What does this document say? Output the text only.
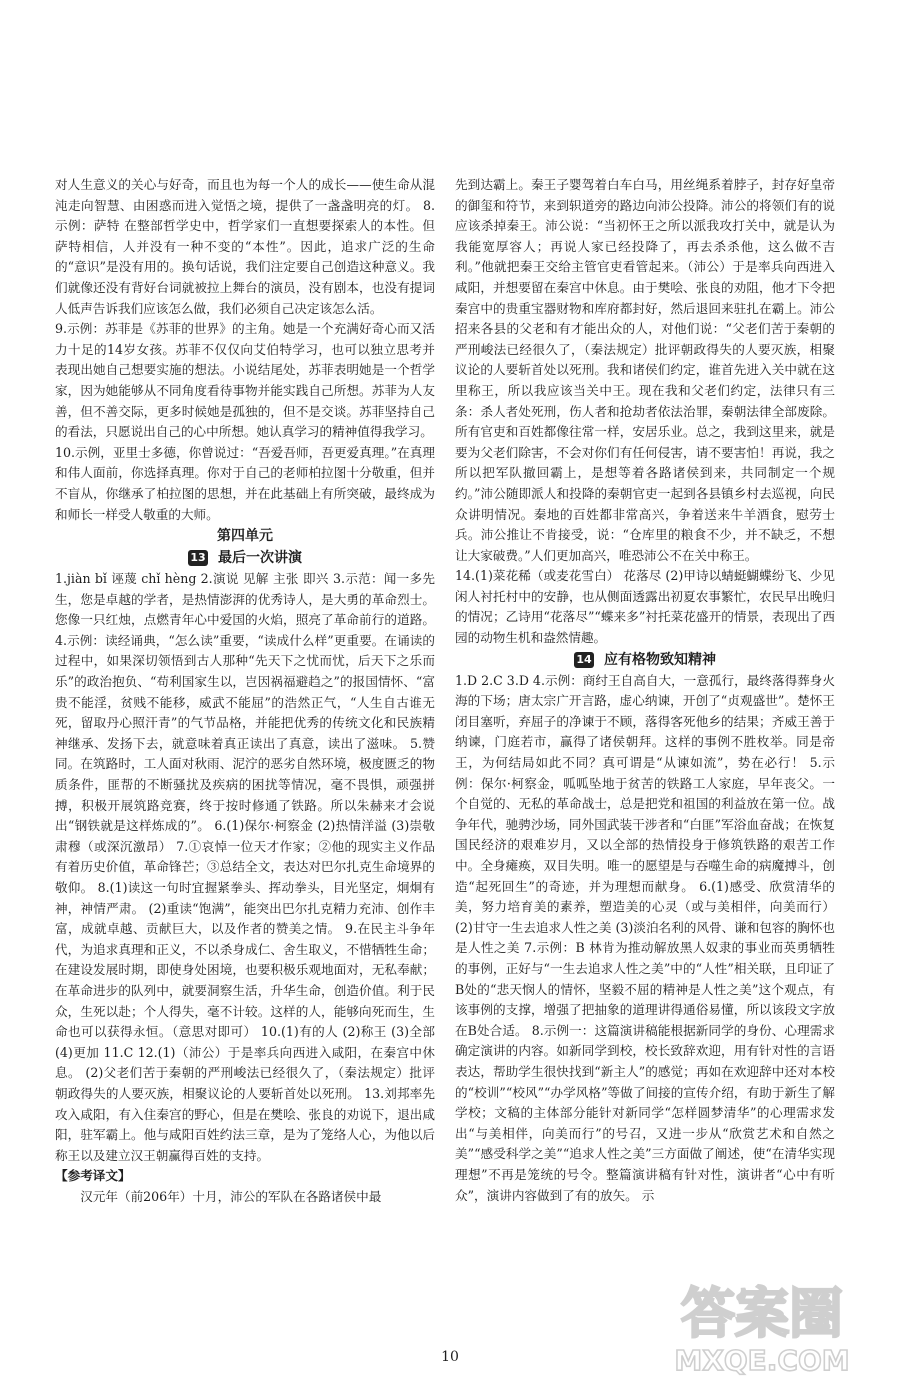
对人生意义的关心与好奇，而且也为每一个人的成长——使生命从混沌走向智慧、由困惑而进入觉悟之境，提供了一盏盏明亮的灯。 8.示例：萨特 在整部哲学史中，哲学家们一直想要探索人的本性。但萨特相信，人并没有一种不变的“本性”。因此，追求广泛的生命的“意识”是没有用的。换句话说，我们注定要自己创造这种意义。我们就像还没有背好台词就被拉上舞台的演员，没有剧本，也没有提词人低声告诉我们应该怎么做，我们必须自己决定该怎么活。

9.示例：苏菲是《苏菲的世界》的主角。她是一个充满好奇心而又活力十足的14岁女孩。苏菲不仅仅向艾伯特学习，也可以独立思考并表现出她自己想要实施的想法。小说结尾处，苏菲表明她是一个哲学家，因为她能够从不同角度看待事物并能实践自己所想。苏菲为人友善，但不善交际，更多时候她是孤独的，但不是交谈。苏菲坚持自己的看法，只愿说出自己的心中所想。她认真学习的精神值得我学习。

10.示例，亚里士多德，你曾说过：“吾爱吾师，吾更爱真理。”在真理和伟人面前，你选择真理。你对于自己的老师柏拉图十分敬重，但并不盲从，你继承了柏拉图的思想，并在此基础上有所突破，最终成为和师长一样受人敬重的大师。

第四单元

13 最后一次讲演

1.jiàn bǐ 诬蔑 chǐ hèng 2.演说 见解 主张 即兴 3.示范：闻一多先生，您是卓越的学者，是热情澎湃的优秀诗人，是大勇的革命烈士。您像一只红烛，点燃青年心中爱国的火焰，照亮了革命前行的道路。 4.示例：读经诵典，“怎么读”重要，“读成什么样”更重要。在诵读的过程中，如果深切领悟到古人那种“先天下之忧而忧，后天下之乐而乐”的政治抱负、“苟利国家生以，岂因祸福避趋之”的报国情怀、“富贵不能淫，贫贱不能移，威武不能屈”的浩然正气，“人生自古谁无死，留取丹心照汗青”的气节品格，并能把优秀的传统文化和民族精神继承、发扬下去，就意味着真正读出了真意，读出了滋味。 5.赞同。在筑路时，工人面对秋雨、泥泞的恶劣自然环境，极度匮乏的物质条件，匪帮的不断骚扰及疾病的困扰等情况，毫不畏惧，顽强拼搏，积极开展筑路竞赛，终于按时修通了铁路。所以朱赫来才会说出“钢铁就是这样炼成的”。 6.(1)保尔·柯察金 (2)热情洋溢 (3)崇敬肃穆（或深沉激昂） 7.①哀悼一位天才作家；②他的现实主义作品有着历史价值，革命锋芒；③总结全文，表达对巴尔扎克生命境界的敬仰。 8.(1)读这一句时宜握紧拳头、挥动拳头，目光坚定，炯炯有神，神情严肃。 (2)重读“饱满”，能突出巴尔扎克精力充沛、创作丰富，成就卓越、贡献巨大，以及作者的赞美之情。 9.在民主斗争年代，为追求真理和正义，不以杀身成仁、舍生取义，不惜牺牲生命；在建设发展时期，即使身处困境，也要积极乐观地面对，无私奉献；在革命进步的队列中，就要洞察生活，升华生命，创造价值。利于民众，生死以赴；个人得失，毫不计较。这样的人，能够向死而生，生命也可以获得永恒。（意思对即可） 10.(1)有的人 (2)称王 (3)全部 (4)更加 11.C 12.(1)（沛公）于是率兵向西进入咸阳，在秦宫中休息。 (2)父老们苦于秦朝的严刑峻法已经很久了，（秦法规定）批评朝政得失的人要灭族，相聚议论的人要斩首处以死刑。 13.刘邦率先攻入咸阳，有入住秦宫的野心，但是在樊哙、张良的劝说下，退出咸阳，驻军霸上。他与咸阳百姓约法三章，是为了笼络人心，为他以后称王以及建立汉王朝赢得百姓的支持。

【参考译文】

汉元年（前206年）十月，沛公的军队在各路诸侯中最

先到达霸上。秦王子婴驾着白车白马，用丝绳系着脖子，封存好皇帝的御玺和符节，来到轵道旁的路边向沛公投降。沛公的将领们有的说应该杀掉秦王。沛公说：“当初怀王之所以派我攻打关中，就是认为我能宽厚容人；再说人家已经投降了，再去杀杀他，这么做不吉利。”他就把秦王交给主管官吏看管起来。（沛公）于是率兵向西进入咸阳，并想要留在秦宫中休息。由于樊哙、张良的劝阻，他才下令把秦宫中的贵重宝器财物和库府都封好，然后退回来驻扎在霸上。沛公招来各县的父老和有才能出众的人，对他们说：“父老们苦于秦朝的严刑峻法已经很久了，（秦法规定）批评朝政得失的人要灭族，相聚议论的人要斩首处以死刑。我和诸侯们约定，谁首先进入关中就在这里称王，所以我应该当关中王。现在我和父老们约定，法律只有三条：杀人者处死刑，伤人者和抢劫者依法治罪，秦朝法律全部废除。所有官吏和百姓都像往常一样，安居乐业。总之，我到这里来，就是要为父老们除害，不会对你们有任何侵害，请不要害怕！再说，我之所以把军队撤回霸上，是想等着各路诸侯到来，共同制定一个规约。”沛公随即派人和投降的秦朝官吏一起到各县镇乡村去巡视，向民众讲明情况。秦地的百姓都非常高兴，争着送来牛羊酒食，慰劳士兵。沛公推让不肯接受，说：“仓库里的粮食不少，并不缺乏，不想让大家破费。”人们更加高兴，唯恐沛公不在关中称王。

14.(1)菜花稀（或麦花雪白） 花落尽 (2)甲诗以蜻蜓蝴蝶纷飞、少见闲人衬托村中的安静，也从侧面透露出初夏农事繁忙，农民早出晚归的情况；乙诗用“花落尽”“蝶来多”衬托菜花盛开的情景，表现出了西园的动物生机和盎然情趣。

14 应有格物致知精神

1.D 2.C 3.D 4.示例：商纣王自高自大，一意孤行，最终落得葬身火海的下场；唐太宗广开言路，虚心纳谏，开创了“贞观盛世”。楚怀王闭目塞听，弃屈子的净谏于不顾，落得客死他乡的结果；齐威王善于纳谏，门庭若市，赢得了诸侯朝拜。这样的事例不胜枚举。同是帝王，为何结局如此不同？真可谓是“从谏如流”，势在必行！ 5.示例：保尔·柯察金，呱呱坠地于贫苦的铁路工人家庭，早年丧父。一个自觉的、无私的革命战士，总是把党和祖国的利益放在第一位。战争年代，驰骋沙场，同外国武装干涉者和“白匪”军浴血奋战；在恢复国民经济的艰难岁月，又以全部的热情投身于修筑铁路的艰苦工作中。全身瘫痪，双目失明。唯一的愿望是与吞噬生命的病魔搏斗，创造“起死回生”的奇迹，并为理想而献身。 6.(1)感受、欣赏清华的美，努力培育美的素养，塑造美的心灵（或与美相伴，向美而行） (2)甘守一生去追求人性之美 (3)淡泊名利的风骨、谦和包容的胸怀也是人性之美 7.示例：B 林肯为推动解放黑人奴隶的事业而英勇牺牲的事例，正好与“一生去追求人性之美”中的“人性”相关联，且印证了B处的“悲天悯人的情怀，坚毅不屈的精神是人性之美”这个观点，有该事例的支撑，增强了把抽象的道理讲得通俗易懂，所以该段文字放在B处合适。 8.示例一：这篇演讲稿能根据新同学的身份、心理需求确定演讲的内容。如新同学到校，校长致辞欢迎，用有针对性的言语表达，帮助学生很快找到“新主人”的感觉；再如在欢迎辞中还对本校的“校训”“校风”“办学风格”等做了间接的宣传介绍，有助于新生了解学校；文稿的主体部分能针对新同学“怎样圆梦清华”的心理需求发出“与美相伴，向美而行”的号召，又进一步从“欣赏艺术和自然之美”“感受科学之美”“追求人性之美”三方面做了阐述，使“在清华实现理想”不再是笼统的号令。整篇演讲稿有针对性，演讲者“心中有听众”，演讲内容做到了有的放矢。 示

10
答案圈
MXQE.COM
